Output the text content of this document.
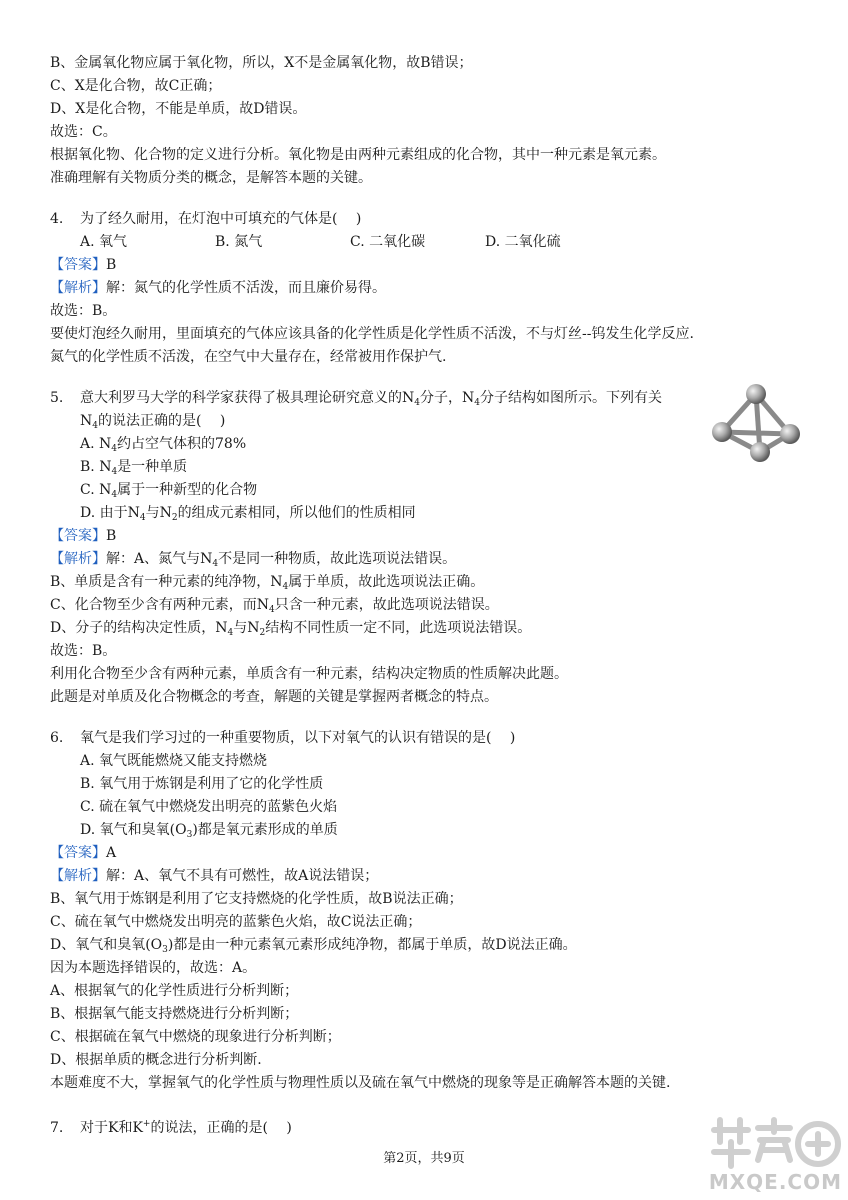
B、金属氧化物应属于氧化物，所以，X不是金属氧化物，故B错误；
C、X是化合物，故C正确；
D、X是化合物，不能是单质，故D错误。
故选：C。
根据氧化物、化合物的定义进行分析。氧化物是由两种元素组成的化合物，其中一种元素是氧元素。
准确理解有关物质分类的概念，是解答本题的关键。
4. 为了经久耐用，在灯泡中可填充的气体是(　 )
A. 氧气	B. 氮气	C. 二氧化碳	D. 二氧化硫
【答案】B
【解析】解：氮气的化学性质不活泼，而且廉价易得。
故选：B。
要使灯泡经久耐用，里面填充的气体应该具备的化学性质是化学性质不活泼，不与灯丝--钨发生化学反应.
氮气的化学性质不活泼，在空气中大量存在，经常被用作保护气.
5. 意大利罗马大学的科学家获得了极具理论研究意义的$N_4$分子，$N_4$分子结构如图所示。下列有关
$N_4$的说法正确的是(　 )
A. $N_4$约占空气体积的78%
B. $N_4$是一种单质
C. $N_4$属于一种新型的化合物
D. 由于$N_4$与$N_2$的组成元素相同，所以他们的性质相同
【答案】B
【解析】解：A、氮气与$N_4$不是同一种物质，故此选项说法错误。
B、单质是含有一种元素的纯净物，$N_4$属于单质，故此选项说法正确。
C、化合物至少含有两种元素，而$N_4$只含一种元素，故此选项说法错误。
D、分子的结构决定性质，$N_4$与$N_2$结构不同性质一定不同，此选项说法错误。
故选：B。
利用化合物至少含有两种元素，单质含有一种元素，结构决定物质的性质解决此题。
此题是对单质及化合物概念的考查，解题的关键是掌握两者概念的特点。
6. 氧气是我们学习过的一种重要物质，以下对氧气的认识有错误的是(　 )
A. 氧气既能燃烧又能支持燃烧
B. 氧气用于炼钢是利用了它的化学性质
C. 硫在氧气中燃烧发出明亮的蓝紫色火焰
D. 氧气和臭氧$(O_3)$都是氧元素形成的单质
【答案】A
【解析】解：A、氧气不具有可燃性，故A说法错误；
B、氧气用于炼钢是利用了它支持燃烧的化学性质，故B说法正确；
C、硫在氧气中燃烧发出明亮的蓝紫色火焰，故C说法正确；
D、氧气和臭氧$(O_3)$都是由一种元素氧元素形成纯净物，都属于单质，故D说法正确。
因为本题选择错误的，故选：A。
A、根据氧气的化学性质进行分析判断；
B、根据氧气能支持燃烧进行分析判断；
C、根据硫在氧气中燃烧的现象进行分析判断；
D、根据单质的概念进行分析判断.
本题难度不大，掌握氧气的化学性质与物理性质以及硫在氧气中燃烧的现象等是正确解答本题的关键.
7. 对于K和K+的说法，正确的是(　 )
第2页，共9页
MXQE.COM
